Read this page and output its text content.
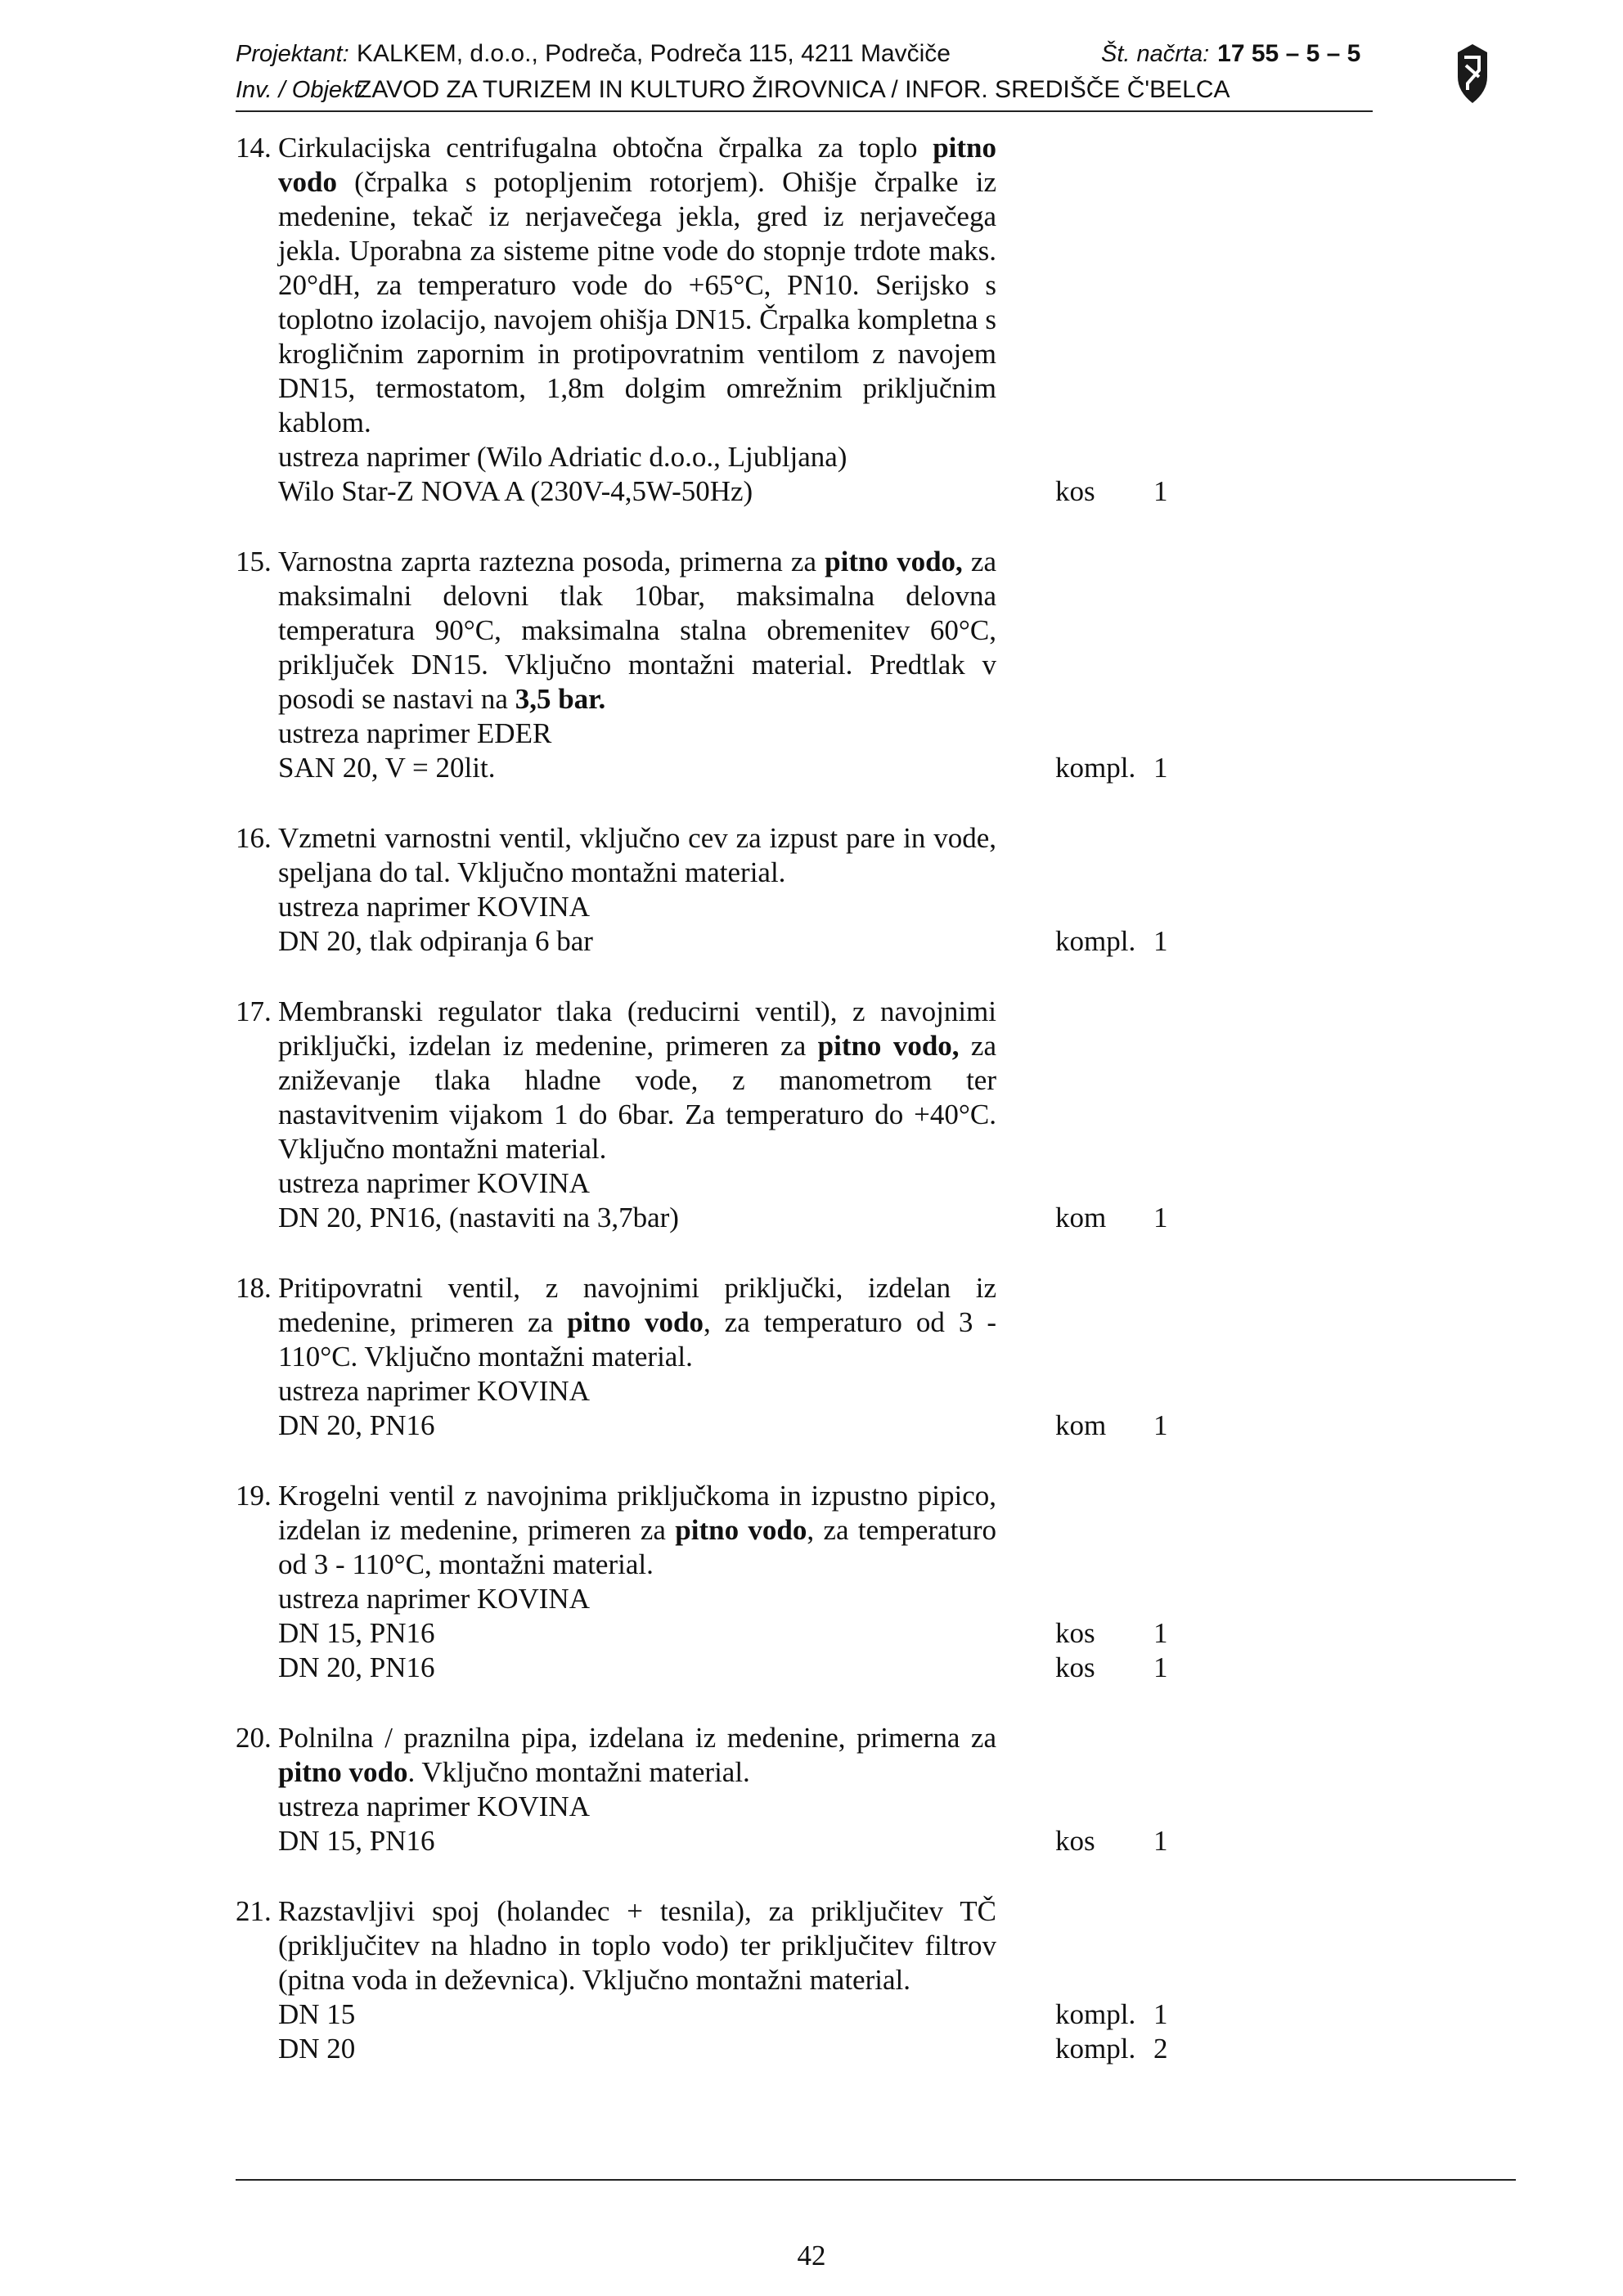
Projektant: KALKEM, d.o.o., Podreča, Podreča 115, 4211 Mavčiče	Št. načrta: 17 55 – 5 – 5
Inv. / Objekt:
ZAVOD ZA TURIZEM IN KULTURO ŽIROVNICA / INFOR. SREDIŠČE Č'BELCA
14. Cirkulacijska centrifugalna obtočna črpalka za toplo pitno vodo (črpalka s potopljenim rotorjem). Ohišje črpalke iz medenine, tekač iz nerjavečega jekla, gred iz nerjavečega jekla. Uporabna za sisteme pitne vode do stopnje trdote maks. 20°dH, za temperaturo vode do +65°C, PN10. Serijsko s toplotno izolacijo, navojem ohišja DN15. Črpalka kompletna s krogličnim zapornim in protipovratnim ventilom z navojem DN15, termostatom, 1,8m dolgim omrežnim priključnim kablom.
ustreza naprimer (Wilo Adriatic d.o.o., Ljubljana)
Wilo Star-Z NOVA A (230V-4,5W-50Hz)	kos 1
15. Varnostna zaprta raztezna posoda, primerna za pitno vodo, za maksimalni delovni tlak 10bar, maksimalna delovna temperatura 90°C, maksimalna stalna obremenitev 60°C, priključek DN15. Vključno montažni material. Predtlak v posodi se nastavi na 3,5 bar.
ustreza naprimer EDER
SAN 20, V = 20lit.	kompl. 1
16. Vzmetni varnostni ventil, vključno cev za izpust pare in vode, speljana do tal. Vključno montažni material.
ustreza naprimer KOVINA
DN 20, tlak odpiranja 6 bar	kompl. 1
17. Membranski regulator tlaka (reducirni ventil), z navojnimi priključki, izdelan iz medenine, primeren za pitno vodo, za zniževanje tlaka hladne vode, z manometrom ter nastavitvenim vijakom 1 do 6bar. Za temperaturo do +40°C. Vključno montažni material.
ustreza naprimer KOVINA
DN 20, PN16, (nastaviti na 3,7bar)	kom 1
18. Pritipovratni ventil, z navojnimi priključki, izdelan iz medenine, primeren za pitno vodo, za temperaturo od 3 - 110°C. Vključno montažni material.
ustreza naprimer KOVINA
DN 20, PN16	kom 1
19. Krogelni ventil z navojnima priključkoma in izpustno pipico, izdelan iz medenine, primeren za pitno vodo, za temperaturo od 3 - 110°C, montažni material.
ustreza naprimer KOVINA
DN 15, PN16	kos 1
DN 20, PN16	kos 1
20. Polnilna / praznilna pipa, izdelana iz medenine, primerna za pitno vodo. Vključno montažni material.
ustreza naprimer KOVINA
DN 15, PN16	kos 1
21. Razstavljivi spoj (holandec + tesnila), za priključitev TČ (priključitev na hladno in toplo vodo) ter priključitev filtrov (pitna voda in deževnica). Vključno montažni material.
DN 15	kompl. 1
DN 20	kompl. 2
42
